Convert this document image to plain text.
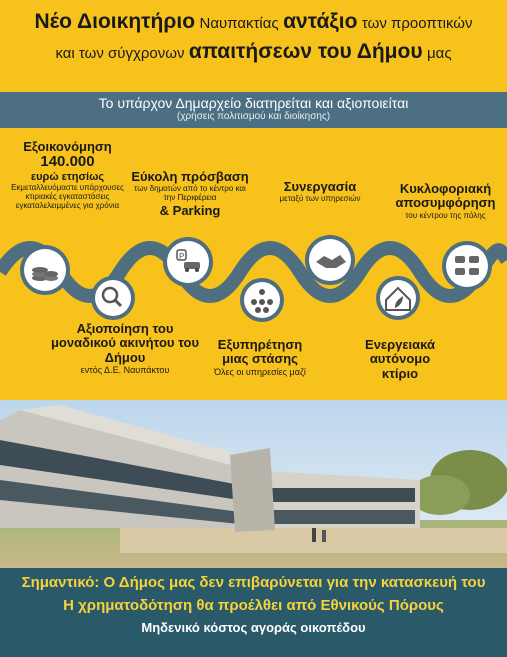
Νέο Διοικητήριο Ναυπακτίας αντάξιο των προοπτικών
και των σύγχρονων απαιτήσεων του Δήμου μας
Το υπάρχον Δημαρχείο διατηρείται και αξιοποιείται
(χρήσεις πολιτισμού και διοίκησης)
Εξοικονόμηση
140.000
ευρώ ετησίως
Εκμεταλλευόμαστε υπάρχουσες κτιριακές εγκαταστάσεις εγκαταλελειμμένες για χρόνια
Εύκολη πρόσβαση
των δημοτών από το κέντρο και την Περιφέρεια
& Parking
Συνεργασία
μεταξύ των υπηρεσιών
Κυκλοφοριακή αποσυμφόρηση
του κέντρου της πόλης
P
Αξιοποίηση του μοναδικού ακινήτου του Δήμου
εντός Δ.Ε. Ναυπάκτου
Εξυπηρέτηση μιας στάσης
Όλες οι υπηρεσίες μαζί
Ενεργειακά αυτόνομο κτίριο
Σημαντικό: Ο Δήμος μας δεν επιβαρύνεται για την κατασκευή του
Η χρηματοδότηση θα προέλθει από Εθνικούς Πόρους
Μηδενικό κόστος αγοράς οικοπέδου
